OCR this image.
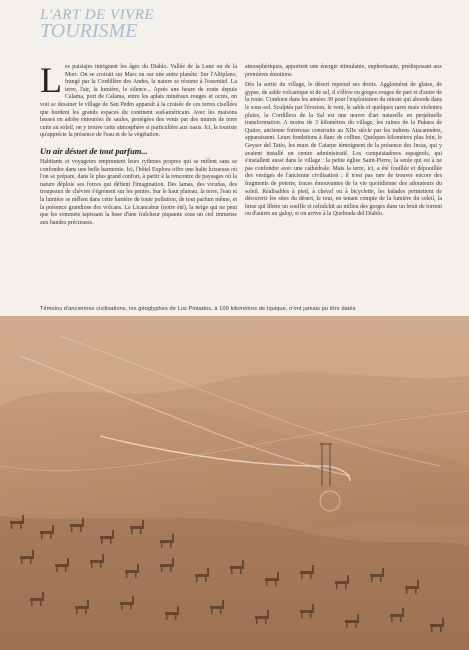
L'ART DE VIVRE
TOURISME

L es paisiajes intriguent les âges du Diablo. Vallée de la Lune ou de la Mort. On se croirait sur Mars ou sur une autre planète. Sur l'Altiplano, frangé par la Cordillère des Andes, la nature se résume à l'essentiel. La terre, l'air, la lumière, le silence... Après une heure de route depuis Calama, port de Calama, entre les aplats minéraux rouges et ocres, on voit se dessiner le village de San Pedro apparaît à la croisée de ces terres cisellées que bordent les grands espaces du continent sud-américain. Avec les maisons basses en adobe entourées de saules, protégées des vents par des murets de terre cuite au soleil, on y trouve cette atmosphère si particulière aux oasis. Ici, la touriste qu'apprécie la présence de l'eau et de la végétation.

Un air désuet de tout parfum...

Habitants et voyageurs empruntent leurs rythmes propres qui se mêlent sans se confondre dans une belle harmonie. Ici, l'hôtel Explora offre une halte luxueuse où l'on se prépare, dans le plus grand confort, à partir à la rencontre de paysages où la nature déploie ses forces qui défient l'imagination. Des lamas, des vicuñas, des troupeaux de chèvres s'égrènent sur les pentes. Sur le haut plateau, la terre, l'eau et la lumière se mêlent dans cette lumière de toute pollution, de tout parfum même, et la présence grandiose des volcans. Le Licancabur (notre été), la neige qui ne peut que les sommets tapissant la base d'une fraîcheur piquante sous un ciel immense aux bandes précieuses.

atmosphériques, apportent une énergie stimulante, euphorisante, prédisposant aux premières émotions.

Dès la sortie du village, le désert reprend ses droits. Agglomérat de glaise, de gypse, de sable volcanique et de sel, il s'élève en gorges rouges de part et d'autre de la route. Combien dans les années 30 pour l'exploitation du nitrate qui abonde dans le sous-sol. Sculptés par l'érosion, le vent, le sable et quelques rares mais violentes pluies, la Cordillera de la Sal est une œuvre d'art naturelle en perpétuelle transformation. A moins de 3 kilomètres du village, les ruines de la Pukara de Quitor, ancienne forteresse construite au XIIe siècle par les indiens Atacameños, apparaissent. Leurs fondations à flanc de colline. Quelques kilomètres plus loin, le Geyser del Tatio, les murs de Catarpe témoignent de la présence des Incas, qui y avaient installé un centre administratif. Les conquistadores espagnols, qui s'installent aussi dans le village : la petite église Saint-Pierre, la seule qui est à ne pas confondre avec une cathédrale. Mais la terre, ici, a été fouillée et dépouillée des vestiges de l'ancienne civilisation ; il n'est pas rare de trouver encore des fragments de poterie, traces émouvantes de la vie quotidienne des adorateurs du soleil. Réalisables à pied, à cheval ou à bicyclette, les balades permettent de découvrir les sites du désert, le tout, en tenant compte de la lumière du soleil, la brise qui libère un souffle et rafraîchit au milieu des gorges dans un bruit de torrent ou d'autres au galop, si on arrive à la Quebrada del Diablo.

Témoins d'anciennes civilisations, les géoglyphes de Los Pintados, à 100 kilomètres de Iquique, n'ont jamais pu être datés
